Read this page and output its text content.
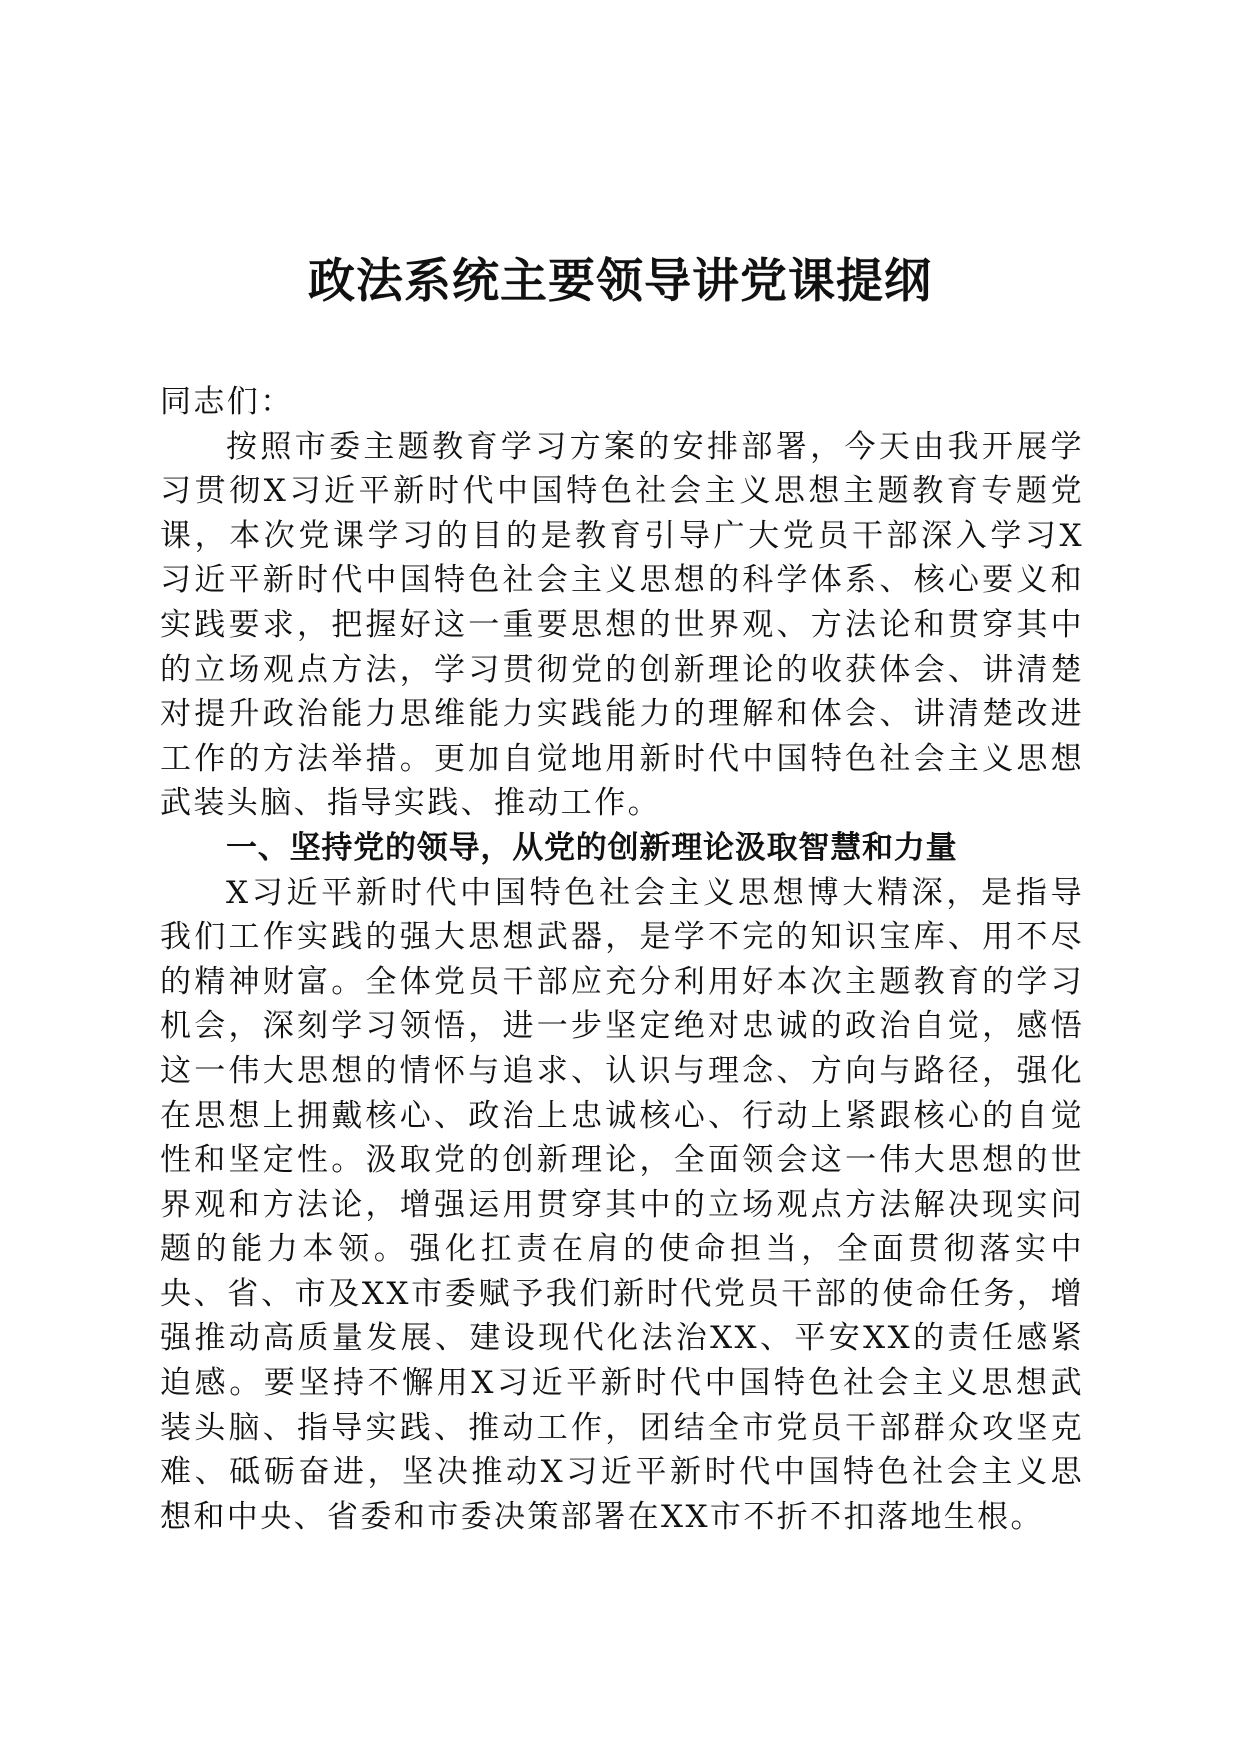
政法系统主要领导讲党课提纲

同志们：

按照市委主题教育学习方案的安排部署，今天由我开展学习贯彻X习近平新时代中国特色社会主义思想主题教育专题党课，本次党课学习的目的是教育引导广大党员干部深入学习X习近平新时代中国特色社会主义思想的科学体系、核心要义和实践要求，把握好这一重要思想的世界观、方法论和贯穿其中的立场观点方法，学习贯彻党的创新理论的收获体会、讲清楚对提升政治能力思维能力实践能力的理解和体会、讲清楚改进工作的方法举措。更加自觉地用新时代中国特色社会主义思想武装头脑、指导实践、推动工作。

一、坚持党的领导，从党的创新理论汲取智慧和力量

X习近平新时代中国特色社会主义思想博大精深，是指导我们工作实践的强大思想武器，是学不完的知识宝库、用不尽的精神财富。全体党员干部应充分利用好本次主题教育的学习机会，深刻学习领悟，进一步坚定绝对忠诚的政治自觉，感悟这一伟大思想的情怀与追求、认识与理念、方向与路径，强化在思想上拥戴核心、政治上忠诚核心、行动上紧跟核心的自觉性和坚定性。汲取党的创新理论，全面领会这一伟大思想的世界观和方法论，增强运用贯穿其中的立场观点方法解决现实问题的能力本领。强化扛责在肩的使命担当，全面贯彻落实中央、省、市及XX市委赋予我们新时代党员干部的使命任务，增强推动高质量发展、建设现代化法治XX、平安XX的责任感紧迫感。要坚持不懈用X习近平新时代中国特色社会主义思想武装头脑、指导实践、推动工作，团结全市党员干部群众攻坚克难、砥砺奋进，坚决推动X习近平新时代中国特色社会主义思想和中央、省委和市委决策部署在XX市不折不扣落地生根。
